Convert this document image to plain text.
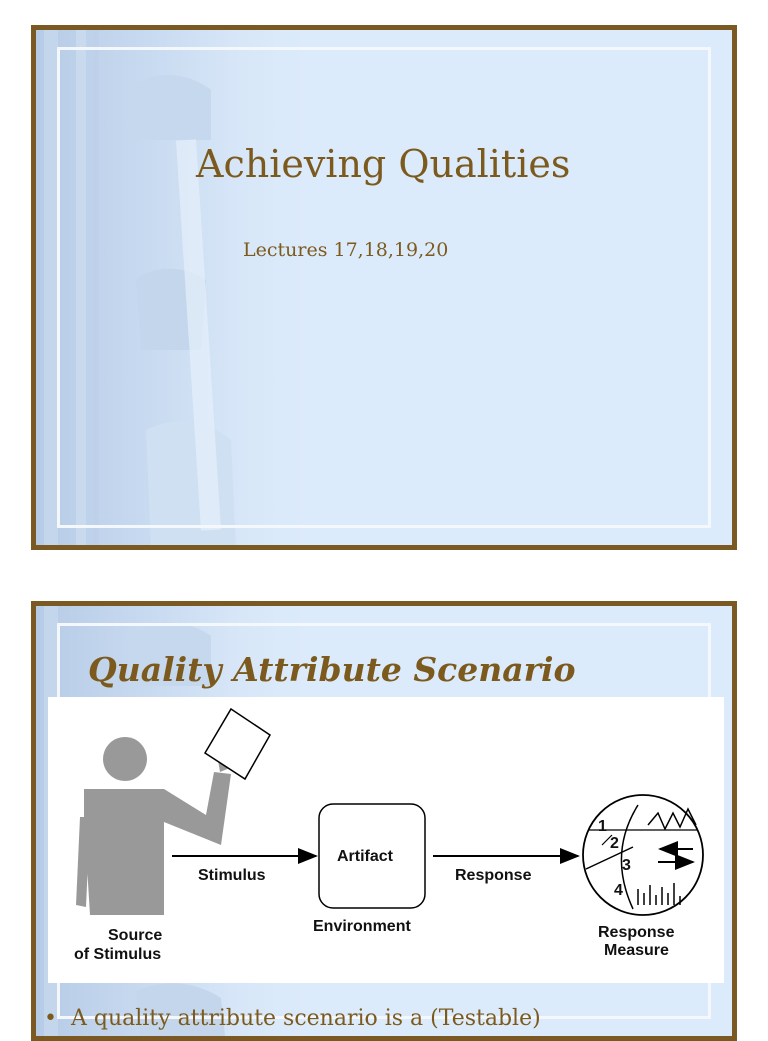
Achieving Qualities
Lectures 17,18,19,20
Quality Attribute Scenario
Stimulus
Artifact
Environment
Response
1
2
3
4
Source
of Stimulus
Response
Measure
• A quality attribute scenario is a (Testable)
